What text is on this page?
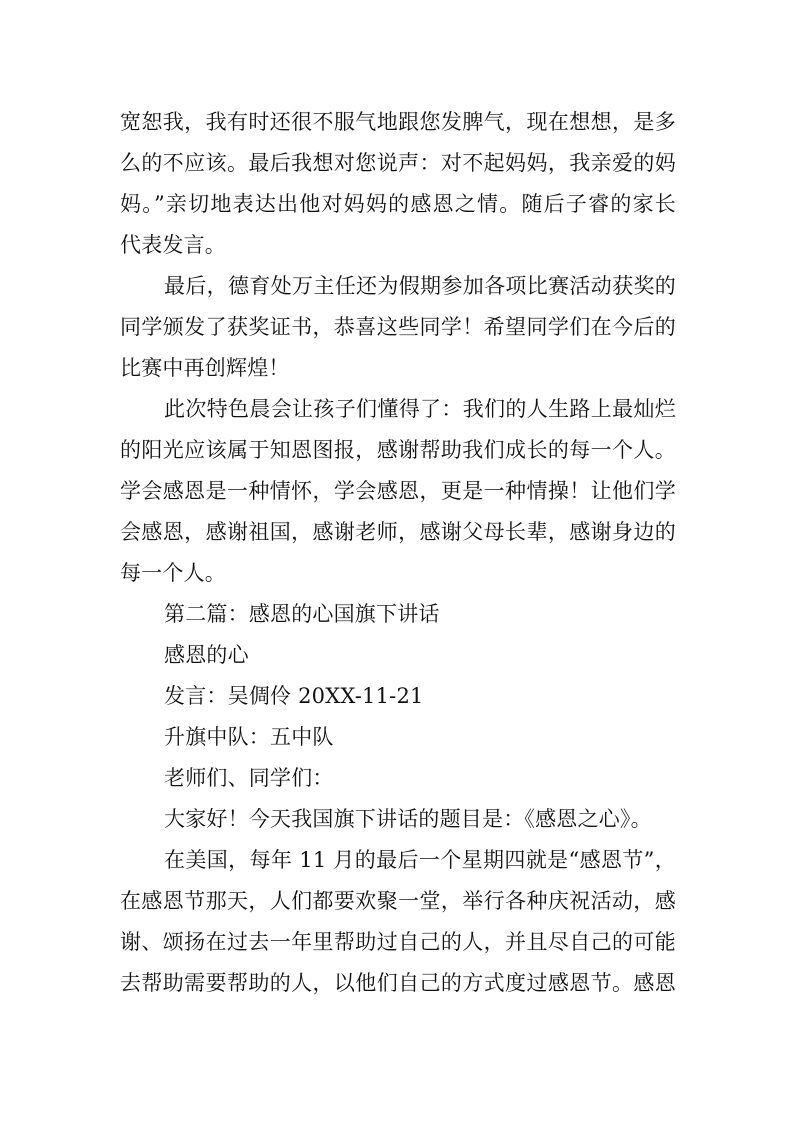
宽恕我，我有时还很不服气地跟您发脾气，现在想想，是多
么的不应该。最后我想对您说声：对不起妈妈，我亲爱的妈
妈。”亲切地表达出他对妈妈的感恩之情。随后子睿的家长
代表发言。
最后，德育处万主任还为假期参加各项比赛活动获奖的
同学颁发了获奖证书，恭喜这些同学！希望同学们在今后的
比赛中再创辉煌！
此次特色晨会让孩子们懂得了：我们的人生路上最灿烂
的阳光应该属于知恩图报，感谢帮助我们成长的每一个人。
学会感恩是一种情怀，学会感恩，更是一种情操！让他们学
会感恩，感谢祖国，感谢老师，感谢父母长辈，感谢身边的
每一个人。
第二篇：感恩的心国旗下讲话
感恩的心
发言：吴倜伶 20XX-11-21
升旗中队：五中队
老师们、同学们：
大家好！今天我国旗下讲话的题目是：《感恩之心》。
在美国，每年 11 月的最后一个星期四就是“感恩节”，
在感恩节那天，人们都要欢聚一堂，举行各种庆祝活动，感
谢、颂扬在过去一年里帮助过自己的人，并且尽自己的可能
去帮助需要帮助的人，以他们自己的方式度过感恩节。感恩
